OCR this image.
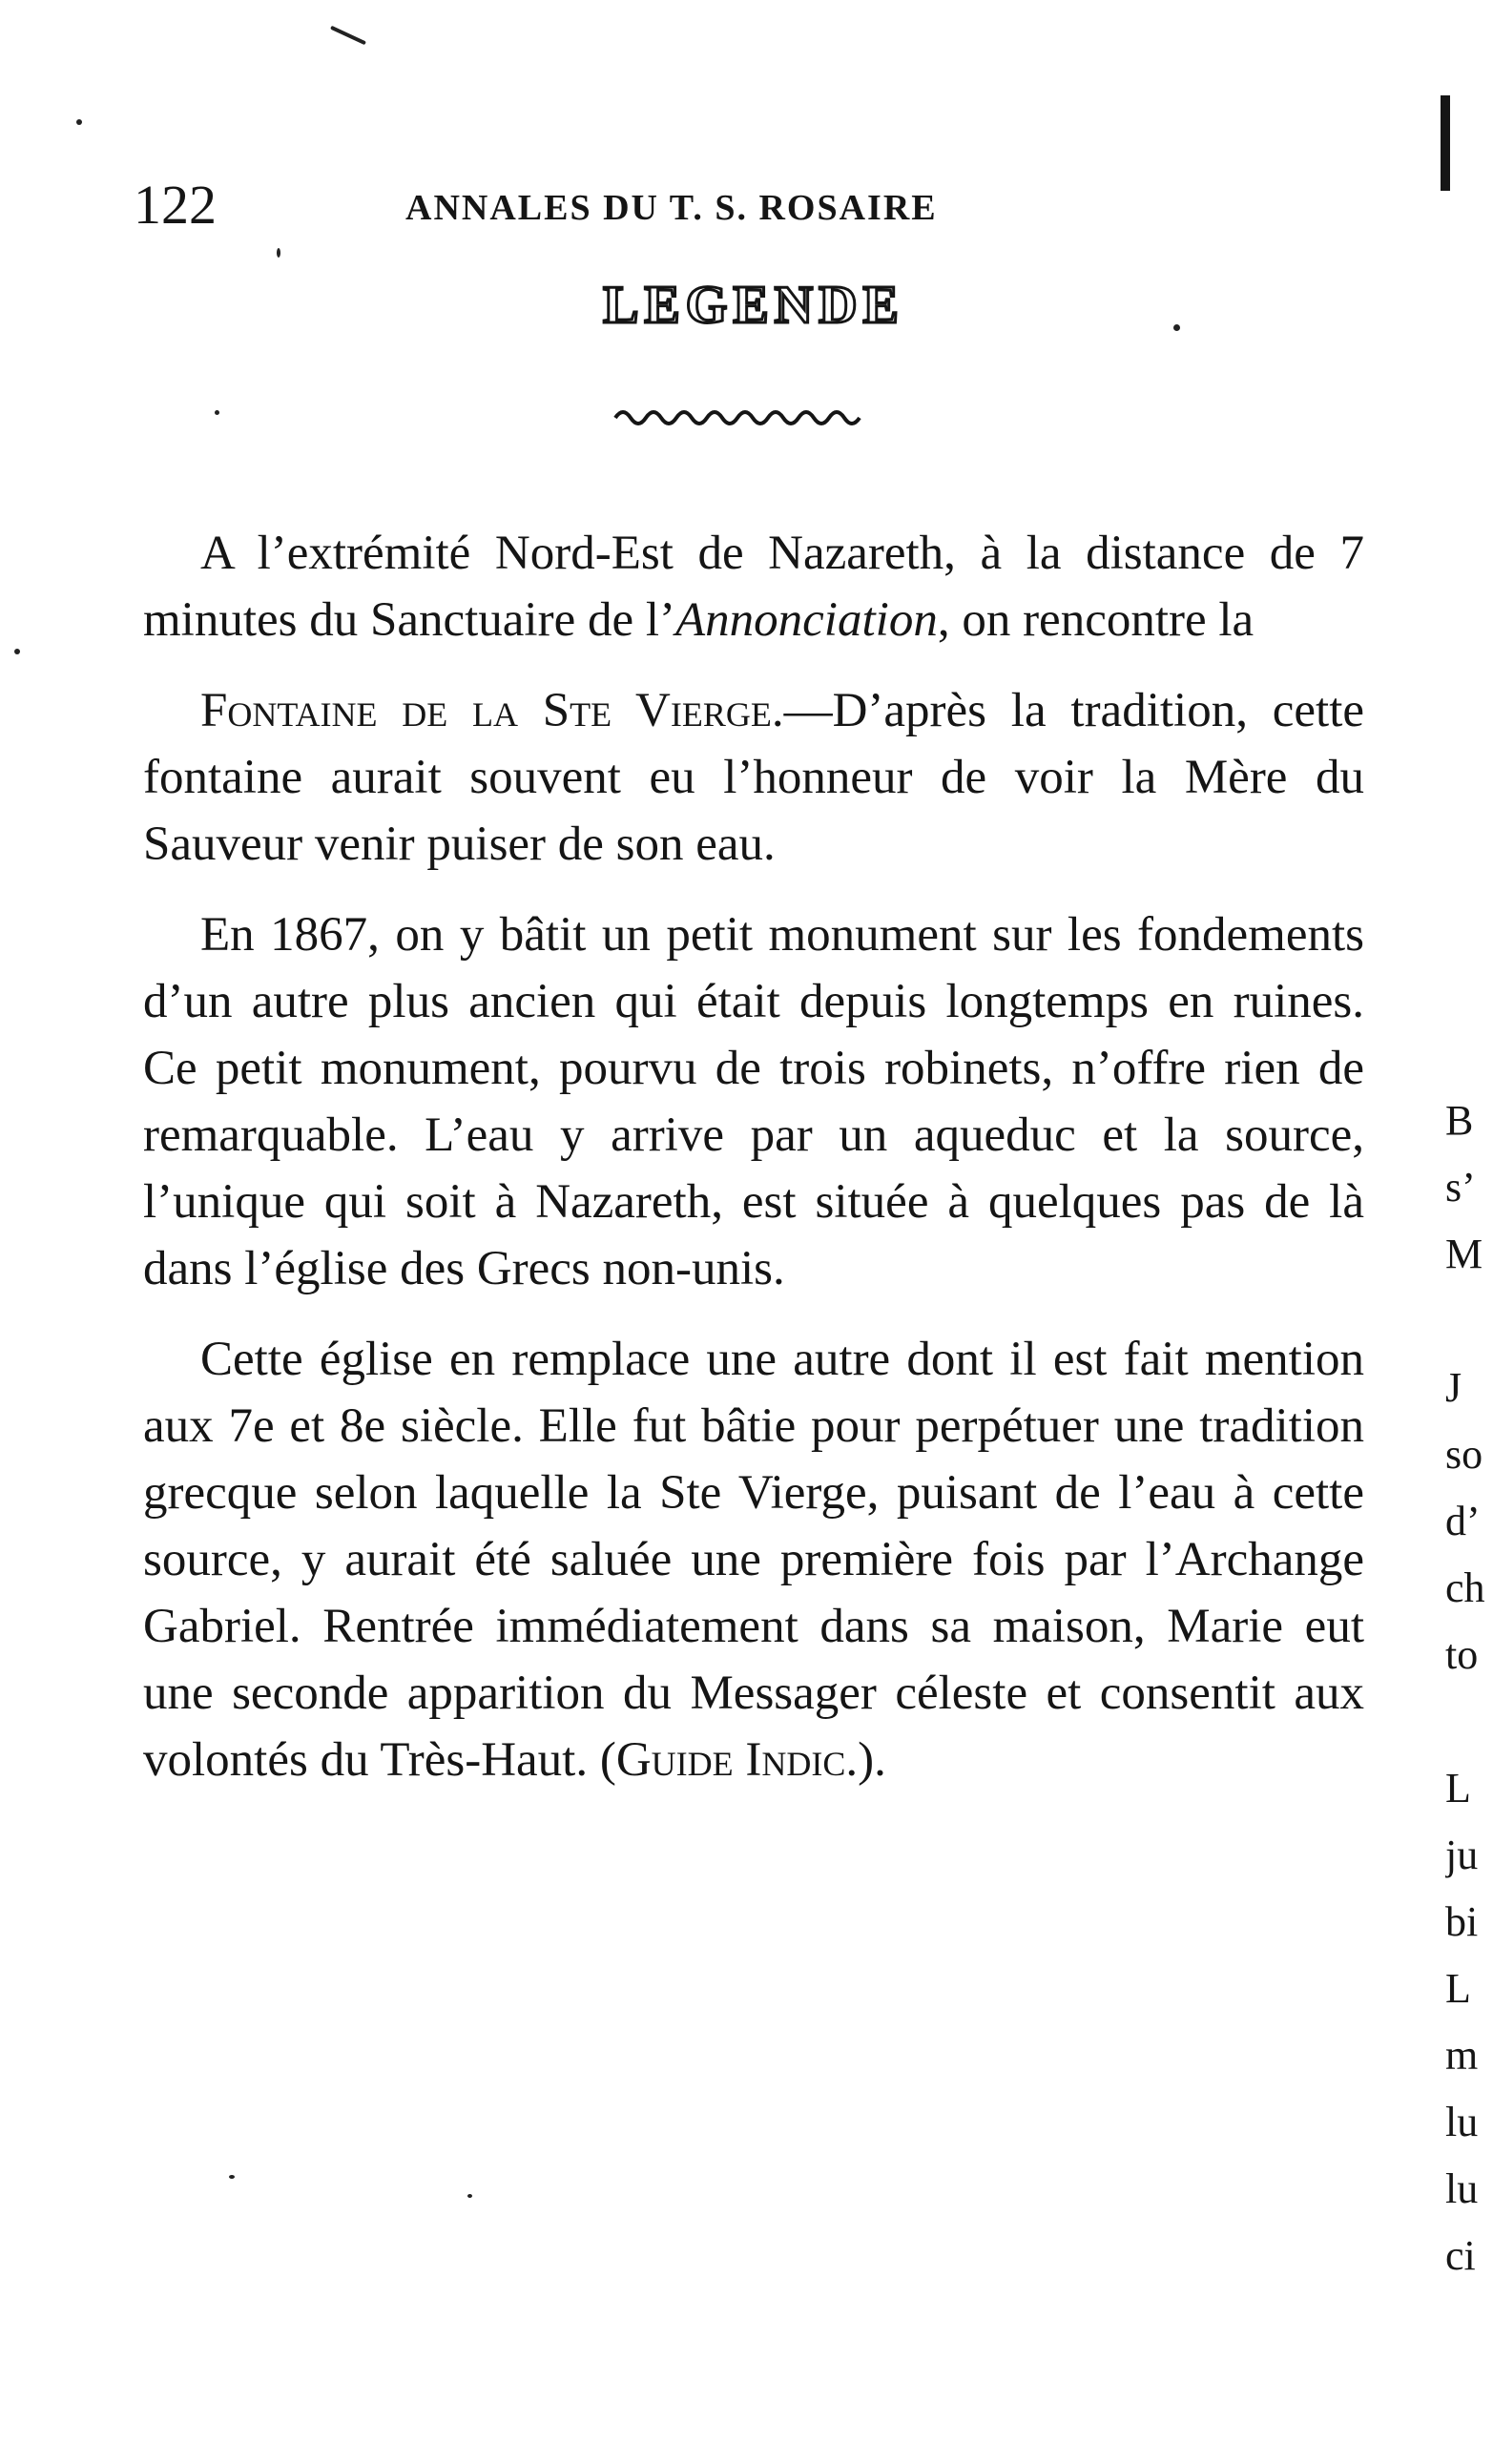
122	ANNALES DU T. S. ROSAIRE
LEGENDE

A l’extrémité Nord-Est de Nazareth, à la distance de 7 minutes du Sanctuaire de l’Annonciation, on rencontre la

Fontaine de la Ste Vierge.—D’après la tradition, cette fontaine aurait souvent eu l’honneur de voir la Mère du Sauveur venir puiser de son eau.

En 1867, on y bâtit un petit monument sur les fondements d’un autre plus ancien qui était depuis longtemps en ruines. Ce petit monument, pourvu de trois robinets, n’offre rien de remarquable. L’eau y arrive par un aqueduc et la source, l’unique qui soit à Nazareth, est située à quelques pas de là dans l’église des Grecs non-unis.

Cette église en remplace une autre dont il est fait mention aux 7e et 8e siècle. Elle fut bâtie pour perpétuer une tradition grecque selon laquelle la Ste Vierge, puisant de l’eau à cette source, y aurait été saluée une première fois par l’Archange Gabriel. Rentrée immédiatement dans sa maison, Marie eut une seconde apparition du Messager céleste et consentit aux volontés du Très-Haut. (Guide Indic.).

B
s’
M
J
so
d’
ch
to
L
ju
bi
L
m
lu
lu
ci
